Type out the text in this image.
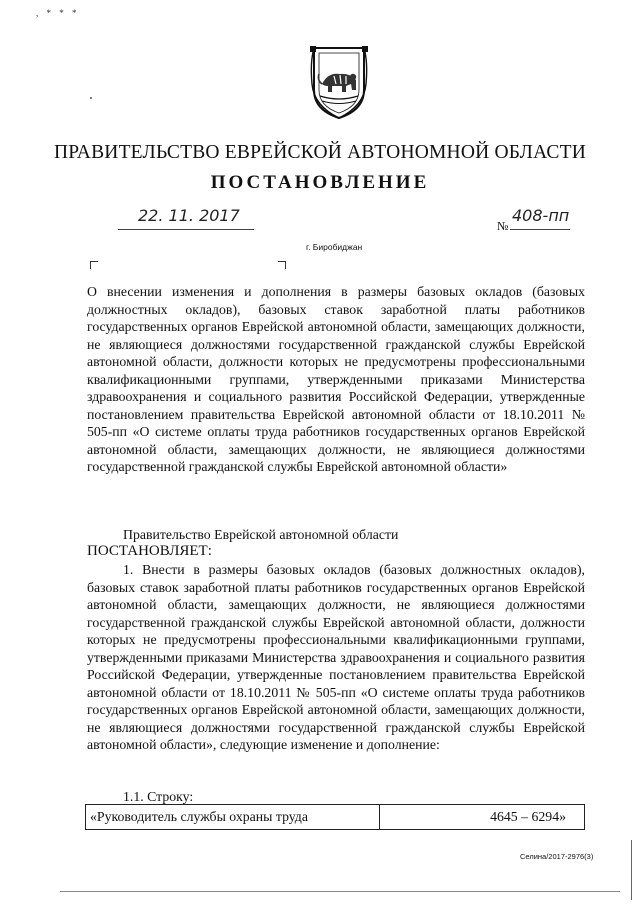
, * * *
ПРАВИТЕЛЬСТВО ЕВРЕЙСКОЙ АВТОНОМНОЙ ОБЛАСТИ
ПОСТАНОВЛЕНИЕ
22. 11. 2017
№
408-пп
г. Биробиджан
О внесении изменения и дополнения в размеры базовых окладов (базовых должностных окладов), базовых ставок заработной платы работников государственных органов Еврейской автономной области, замещающих должности, не являющиеся должностями государственной гражданской службы Еврейской автономной области, должности которых не предусмотрены профессиональными квалификационными группами, утвержденными приказами Министерства здравоохранения и социального развития Российской Федерации, утвержденные постановлением правительства Еврейской автономной области от 18.10.2011 № 505-пп «О системе оплаты труда работников государственных органов Еврейской автономной области, замещающих должности, не являющиеся должностями государственной гражданской службы Еврейской автономной области»
Правительство Еврейской автономной области
ПОСТАНОВЛЯЕТ:
1. Внести в размеры базовых окладов (базовых должностных окладов), базовых ставок заработной платы работников государственных органов Еврейской автономной области, замещающих должности, не являющиеся должностями государственной гражданской службы Еврейской автономной области, должности которых не предусмотрены профессиональными квалификационными группами, утвержденными приказами Министерства здравоохранения и социального развития Российской Федерации, утвержденные постановлением правительства Еврейской автономной области от 18.10.2011 № 505-пп «О системе оплаты труда работников государственных органов Еврейской автономной области, замещающих должности, не являющиеся должностями государственной гражданской службы Еврейской автономной области», следующие изменение и дополнение:
1.1. Строку:
«Руководитель службы охраны труда	4645 – 6294»
Селина/2017-2976(3)
